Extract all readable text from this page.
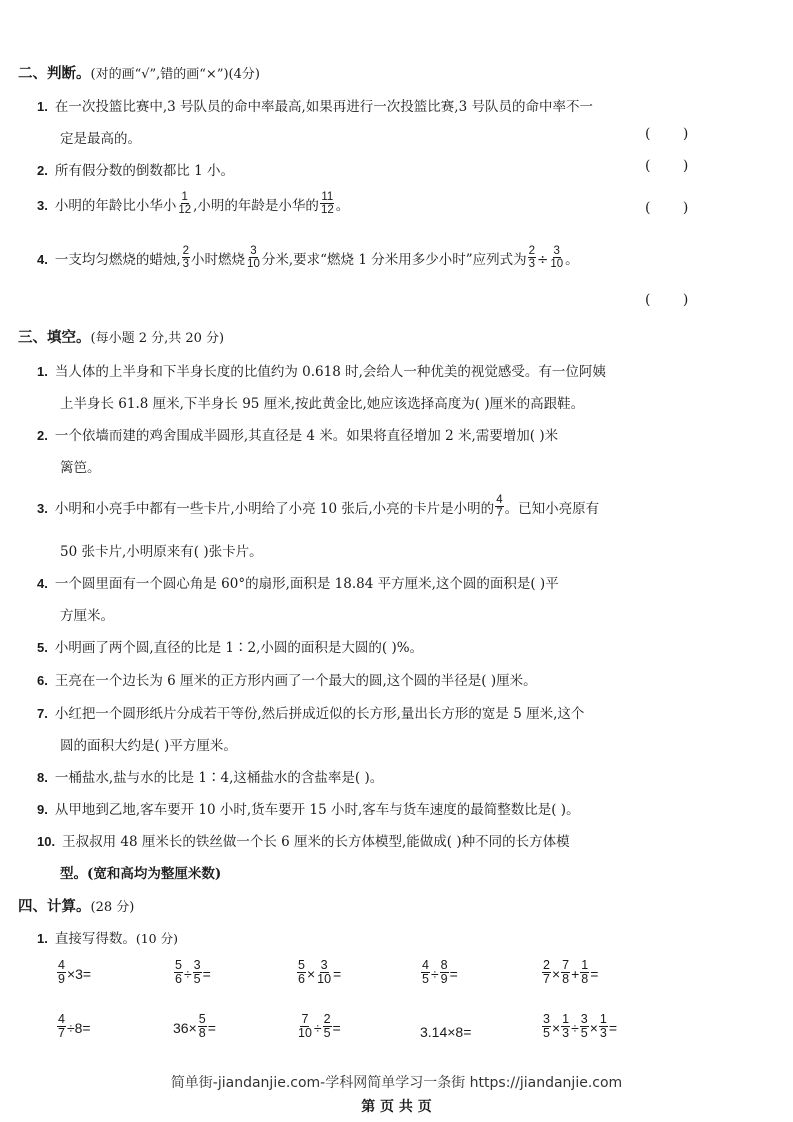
二、判断。(对的画“√”,错的画“×”)(4分)
1. 在一次投篮比赛中,3 号队员的命中率最高,如果再进行一次投篮比赛,3 号队员的命中率不一
定是最高的。	( )
2. 所有假分数的倒数都比 1 小。	( )
3. 小明的年龄比小华小 $\frac{1}{12}$ ,小明的年龄是小华的 $\frac{11}{12}$ 。	( )
4. 一支均匀燃烧的蜡烛, $\frac{2}{3}$ 小时燃烧 $\frac{3}{10}$ 分米,要求“燃烧 1 分米用多少小时”应列式为 $\frac{2}{3} \div \frac{3}{10}$ 。
( )
三、填空。(每小题 2 分,共 20 分)
1. 当人体的上半身和下半身长度的比值约为 0.618 时,会给人一种优美的视觉感受。有一位阿姨
上半身长 61.8 厘米,下半身长 95 厘米,按此黄金比,她应该选择高度为( )厘米的高跟鞋。
2. 一个依墙而建的鸡舍围成半圆形,其直径是 4 米。如果将直径增加 2 米,需要增加( )米
篱笆。
3. 小明和小亮手中都有一些卡片,小明给了小亮 10 张后,小亮的卡片是小明的 $\frac{4}{7}$ 。已知小亮原有
50 张卡片,小明原来有( )张卡片。
4. 一个圆里面有一个圆心角是 60°的扇形,面积是 18.84 平方厘米,这个圆的面积是( )平
方厘米。
5. 小明画了两个圆,直径的比是 1∶2,小圆的面积是大圆的( )%。
6. 王亮在一个边长为 6 厘米的正方形内画了一个最大的圆,这个圆的半径是( )厘米。
7. 小红把一个圆形纸片分成若干等份,然后拼成近似的长方形,量出长方形的宽是 5 厘米,这个
圆的面积大约是( )平方厘米。
8. 一桶盐水,盐与水的比是 1∶4,这桶盐水的含盐率是( )。
9. 从甲地到乙地,客车要开 10 小时,货车要开 15 小时,客车与货车速度的最简整数比是( )。
10. 王叔叔用 48 厘米长的铁丝做一个长 6 厘米的长方体模型,能做成( )种不同的长方体模
型。(宽和高均为整厘米数)
四、计算。(28 分)
1. 直接写得数。(10 分)
$\frac{4}{9} \times 3=$	$\frac{5}{6} \div \frac{3}{5}$ =	$\frac{5}{6} \times \frac{3}{10}$ =	$\frac{4}{5} \div \frac{8}{9}$ =	$\frac{2}{7} \times \frac{7}{8} + \frac{1}{8}$ =
$\frac{4}{7} \div 8=$	$36\times \frac{5}{8}$ =	$\frac{7}{10} \div \frac{2}{5}$ =	3.14×8=	$\frac{3}{5} \times \frac{1}{3} \div \frac{3}{5} \times \frac{1}{3}$ =
简单街-jiandanjie.com-学科网简单学习一条街 https://jiandanjie.com
第 页 共 页
